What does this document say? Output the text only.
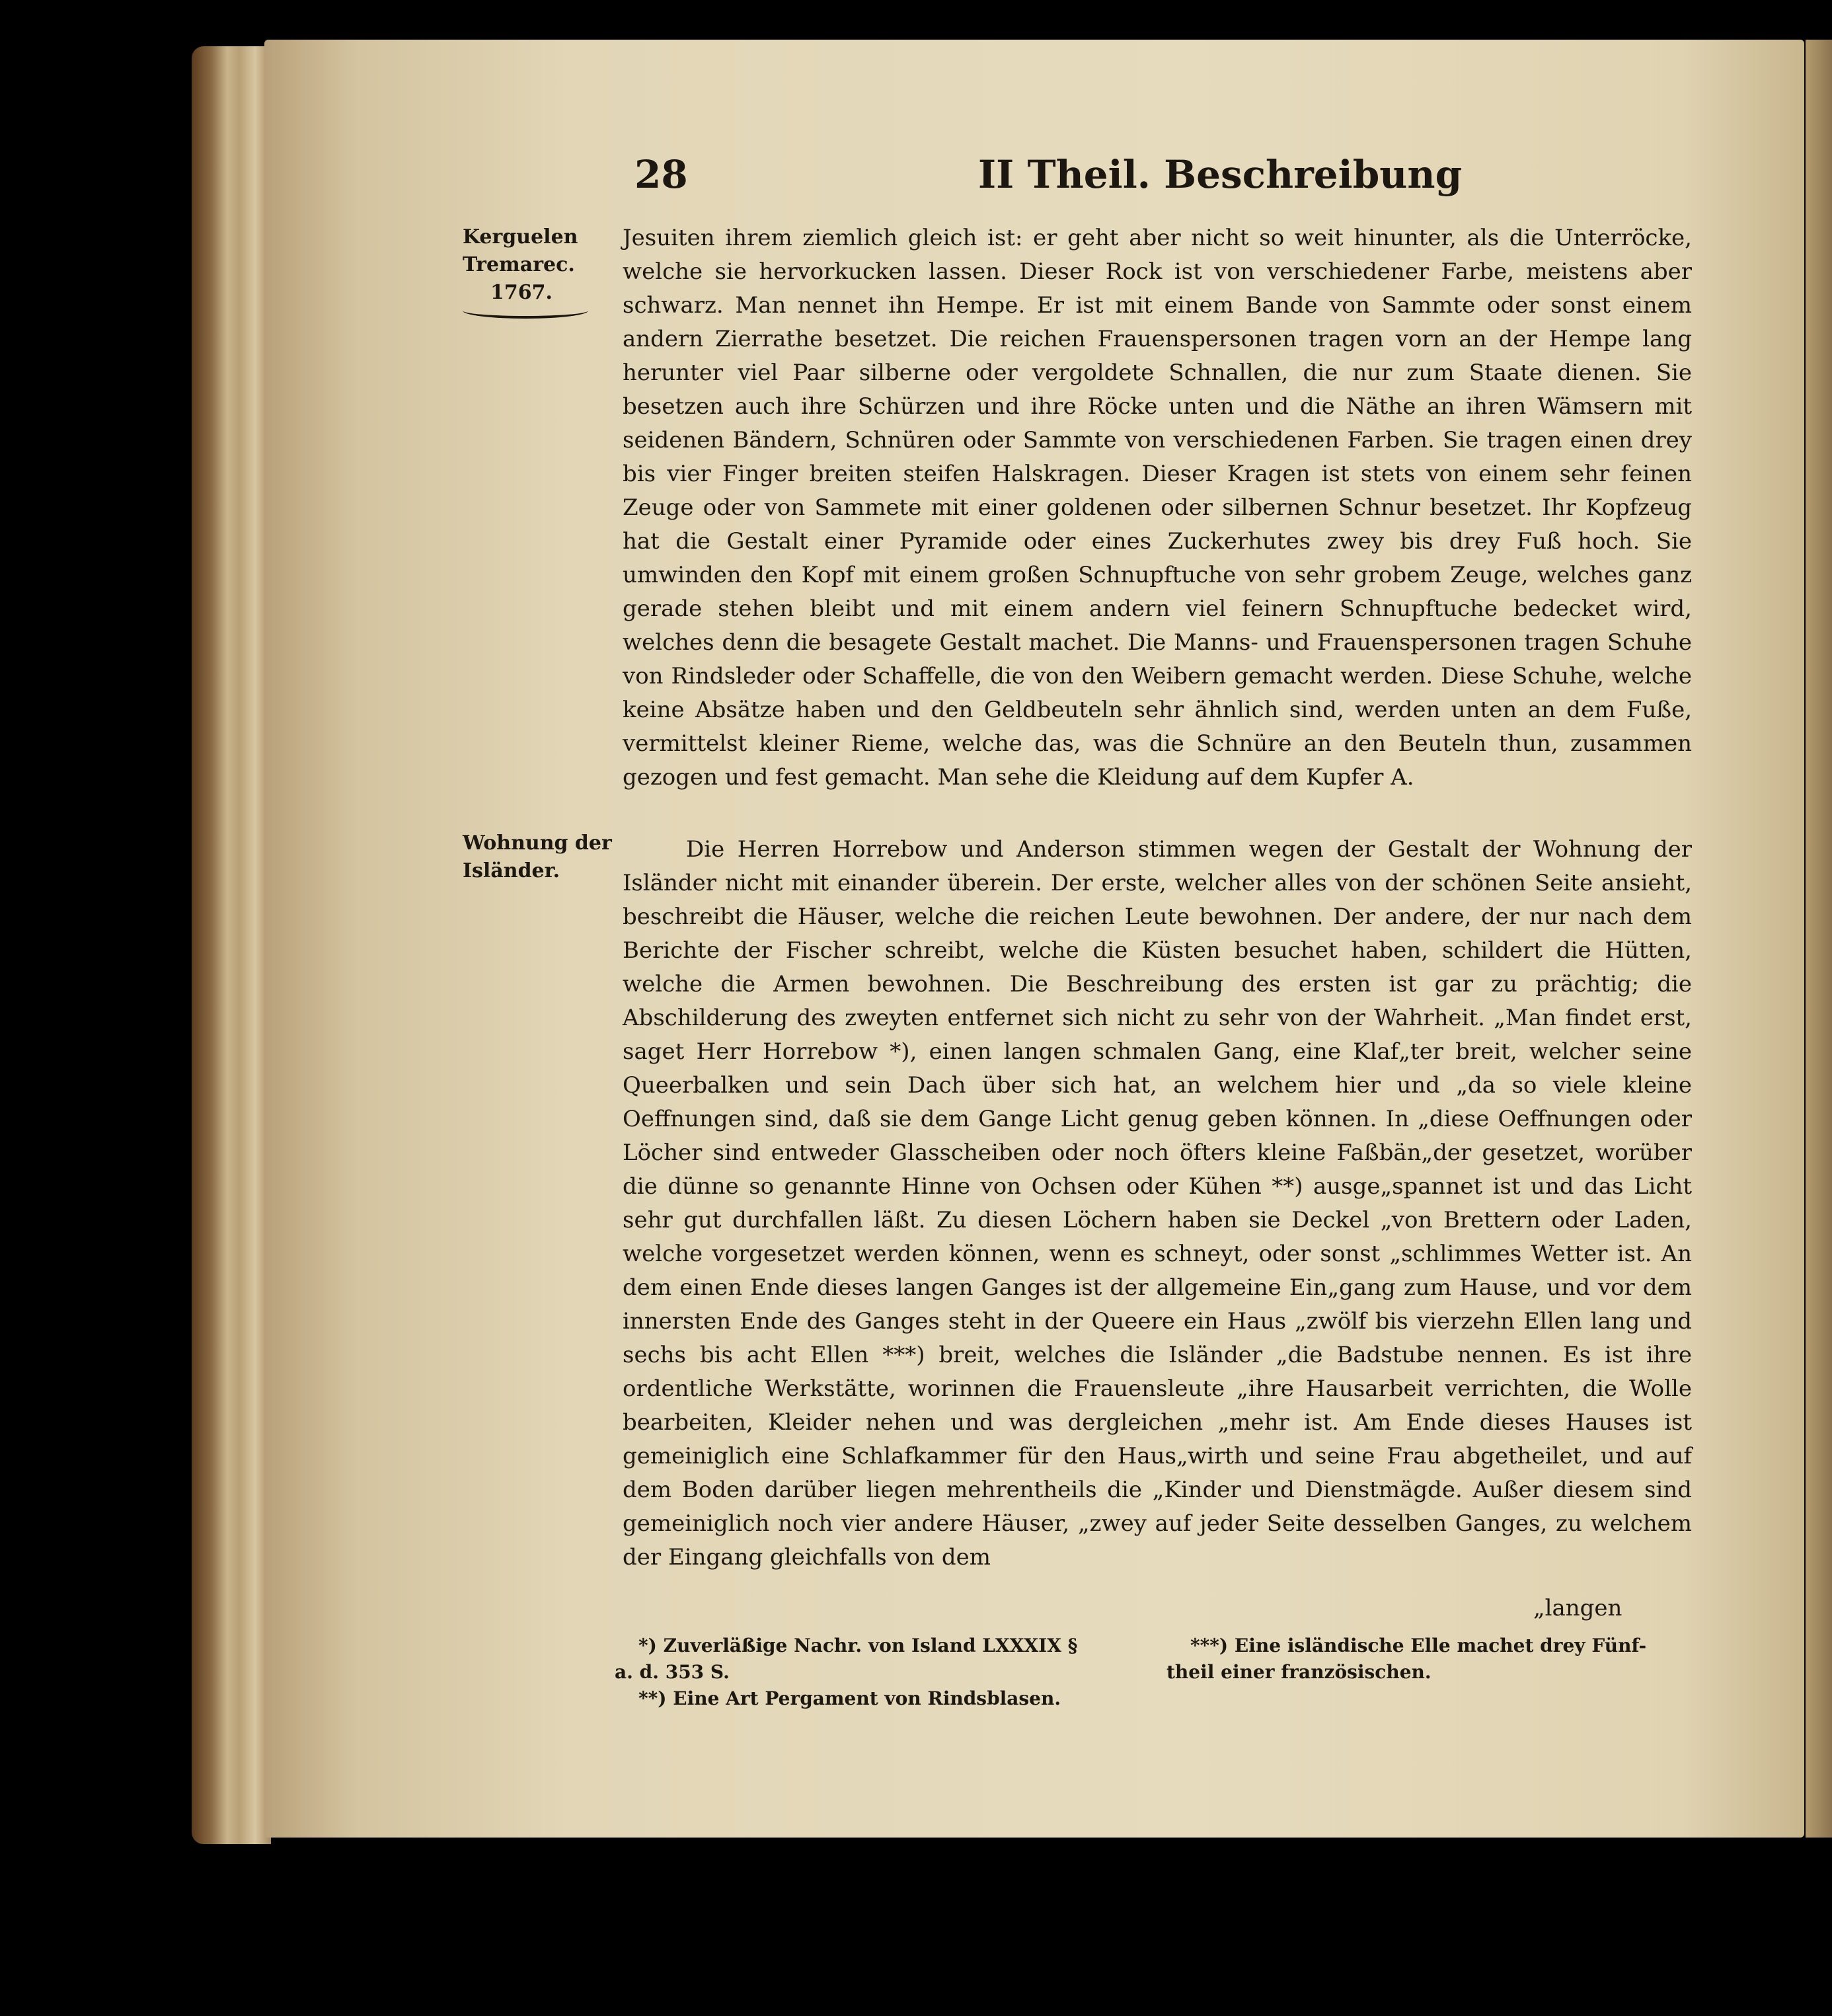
28	II Theil. Beschreibung
Kerguelen
Tremarec.
1767.
Wohnung der
Isländer.

Jesuiten ihrem ziemlich gleich ist: er geht aber nicht so weit hinunter, als die Unterröcke, welche sie hervorkucken lassen. Dieser Rock ist von verschiedener Farbe, meistens aber schwarz. Man nennet ihn Hempe. Er ist mit einem Bande von Sammte oder sonst einem andern Zierrathe besetzet. Die reichen Frauenspersonen tragen vorn an der Hempe lang herunter viel Paar silberne oder vergoldete Schnallen, die nur zum Staate dienen. Sie besetzen auch ihre Schürzen und ihre Röcke unten und die Näthe an ihren Wämsern mit seidenen Bändern, Schnüren oder Sammte von verschiedenen Farben. Sie tragen einen drey bis vier Finger breiten steifen Halskragen. Dieser Kragen ist stets von einem sehr feinen Zeuge oder von Sammete mit einer goldenen oder silbernen Schnur besetzet. Ihr Kopfzeug hat die Gestalt einer Pyramide oder eines Zuckerhutes zwey bis drey Fuß hoch. Sie umwinden den Kopf mit einem großen Schnupftuche von sehr grobem Zeuge, welches ganz gerade stehen bleibt und mit einem andern viel feinern Schnupftuche bedecket wird, welches denn die besagete Gestalt machet. Die Manns- und Frauenspersonen tragen Schuhe von Rindsleder oder Schaffelle, die von den Weibern gemacht werden. Diese Schuhe, welche keine Absätze haben und den Geldbeuteln sehr ähnlich sind, werden unten an dem Fuße, vermittelst kleiner Rieme, welche das, was die Schnüre an den Beuteln thun, zusammen gezogen und fest gemacht. Man sehe die Kleidung auf dem Kupfer A.

Die Herren Horrebow und Anderson stimmen wegen der Gestalt der Wohnung der Isländer nicht mit einander überein. Der erste, welcher alles von der schönen Seite ansieht, beschreibt die Häuser, welche die reichen Leute bewohnen. Der andere, der nur nach dem Berichte der Fischer schreibt, welche die Küsten besuchet haben, schildert die Hütten, welche die Armen bewohnen. Die Beschreibung des ersten ist gar zu prächtig; die Abschilderung des zweyten entfernet sich nicht zu sehr von der Wahrheit. „Man findet erst, saget Herr Horrebow *), einen langen schmalen Gang, eine Klaf„ter breit, welcher seine Queerbalken und sein Dach über sich hat, an welchem hier und „da so viele kleine Oeffnungen sind, daß sie dem Gange Licht genug geben können. In „diese Oeffnungen oder Löcher sind entweder Glasscheiben oder noch öfters kleine Faßbän„der gesetzet, worüber die dünne so genannte Hinne von Ochsen oder Kühen **) ausge„spannet ist und das Licht sehr gut durchfallen läßt. Zu diesen Löchern haben sie Deckel „von Brettern oder Laden, welche vorgesetzet werden können, wenn es schneyt, oder sonst „schlimmes Wetter ist. An dem einen Ende dieses langen Ganges ist der allgemeine Ein„gang zum Hause, und vor dem innersten Ende des Ganges steht in der Queere ein Haus „zwölf bis vierzehn Ellen lang und sechs bis acht Ellen ***) breit, welches die Isländer „die Badstube nennen. Es ist ihre ordentliche Werkstätte, worinnen die Frauensleute „ihre Hausarbeit verrichten, die Wolle bearbeiten, Kleider nehen und was dergleichen „mehr ist. Am Ende dieses Hauses ist gemeiniglich eine Schlafkammer für den Haus„wirth und seine Frau abgetheilet, und auf dem Boden darüber liegen mehrentheils die „Kinder und Dienstmägde. Außer diesem sind gemeiniglich noch vier andere Häuser, „zwey auf jeder Seite desselben Ganges, zu welchem der Eingang gleichfalls von dem

„langen
*) Zuverläßige Nachr. von Island LXXXIX §
a. d. 353 S.
**) Eine Art Pergament von Rindsblasen.
***) Eine isländische Elle machet drey Fünf-
theil einer französischen.
